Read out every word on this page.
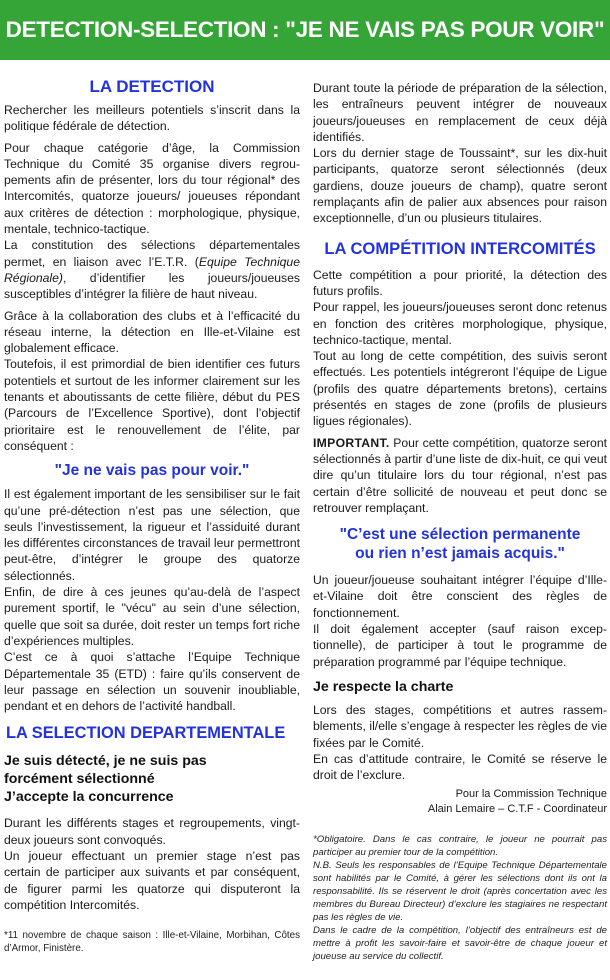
DETECTION-SELECTION : "JE NE VAIS PAS POUR VOIR"
LA DETECTION

Rechercher les meilleurs potentiels s’inscrit dans la politique fédérale de détection.

Pour chaque catégorie d’âge, la Commission Technique du Comité 35 organise divers regroupements afin de présenter, lors du tour régional* des Intercomités, quatorze joueurs/ joueuses répondant aux critères de détection : morphologique, physique, mentale, technico-tactique.

La constitution des sélections départementales permet, en liaison avec l’E.T.R. (Equipe Technique Régionale), d’identifier les joueurs/joueuses susceptibles d’intégrer la filière de haut niveau.

Grâce à la collaboration des clubs et à l’efficacité du réseau interne, la détection en Ille-et-Vilaine est globalement efficace.

Toutefois, il est primordial de bien identifier ces futurs potentiels et surtout de les informer clairement sur les tenants et aboutissants de cette filière, début du PES (Parcours de l’Excellence Sportive), dont l’objectif prioritaire est le renouvellement de l’élite, par conséquent :

"Je ne vais pas pour voir."

Il est également important de les sensibiliser sur le fait qu’une pré-détection n’est pas une sélection, que seuls l’investissement, la rigueur et l’assiduité durant les différentes circonstances de travail leur permettront peut-être, d’intégrer le groupe des quatorze sélectionnés.

Enfin, de dire à ces jeunes qu’au-delà de l’aspect purement sportif, le "vécu" au sein d’une sélection, quelle que soit sa durée, doit rester un temps fort riche d’expériences multiples.

C’est ce à quoi s’attache l’Equipe Technique Départementale 35 (ETD) : faire qu’ils conservent de leur passage en sélection un souvenir inoubliable, pendant et en dehors de l’activité handball.

LA SELECTION DEPARTEMENTALE
Je suis détecté, je ne suis pas
forcément sélectionné
J’accepte la concurrence

Durant les différents stages et regroupements, vingt-deux joueurs sont convoqués.

Un joueur effectuant un premier stage n’est pas certain de participer aux suivants et par conséquent, de figurer parmi les quatorze qui disputeront la compétition Intercomités.

*11 novembre de chaque saison : Ille-et-Vilaine, Morbihan, Côtes d’Armor, Finistère.

Durant toute la période de préparation de la sélection, les entraîneurs peuvent intégrer de nouveaux joueurs/joueuses en remplacement de ceux déjà identifiés.

Lors du dernier stage de Toussaint*, sur les dix-huit participants, quatorze seront sélectionnés (deux gardiens, douze joueurs de champ), quatre seront remplaçants afin de palier aux absences pour raison exceptionnelle, d’un ou plusieurs titulaires.

LA COMPÉTITION INTERCOMITÉS

Cette compétition a pour priorité, la détection des futurs profils.

Pour rappel, les joueurs/joueuses seront donc retenus en fonction des critères morphologique, physique, technico-tactique, mental.

Tout au long de cette compétition, des suivis seront effectués. Les potentiels intégreront l’équipe de Ligue (profils des quatre départements bretons), certains présentés en stages de zone (profils de plusieurs ligues régionales).

IMPORTANT. Pour cette compétition, quatorze seront sélectionnés à partir d’une liste de dix-huit, ce qui veut dire qu’un titulaire lors du tour régional, n’est pas certain d’être sollicité de nouveau et peut donc se retrouver remplaçant.

"C’est une sélection permanente
ou rien n’est jamais acquis."

Un joueur/joueuse souhaitant intégrer l’équipe d’Ille-et-Vilaine doit être conscient des règles de fonctionnement.

Il doit également accepter (sauf raison exceptionnelle), de participer à tout le programme de préparation programmé par l’équipe technique.

Je respecte la charte

Lors des stages, compétitions et autres rassemblements, il/elle s’engage à respecter les règles de vie fixées par le Comité.

En cas d’attitude contraire, le Comité se réserve le droit de l’exclure.

Pour la Commission Technique
Alain Lemaire – C.T.F - Coordinateur

*Obligatoire. Dans le cas contraire, le joueur ne pourrait pas participer au premier tour de la compétition.

N.B. Seuls les responsables de l’Equipe Technique Départementale sont habilités par le Comité, à gérer les sélections dont ils ont la responsabilité. Ils se réservent le droit (après concertation avec les membres du Bureau Directeur) d’exclure les stagiaires ne respectant pas les règles de vie.

Dans le cadre de la compétition, l’objectif des entraîneurs est de mettre à profit les savoir-faire et savoir-être de chaque joueur et joueuse au service du collectif.
